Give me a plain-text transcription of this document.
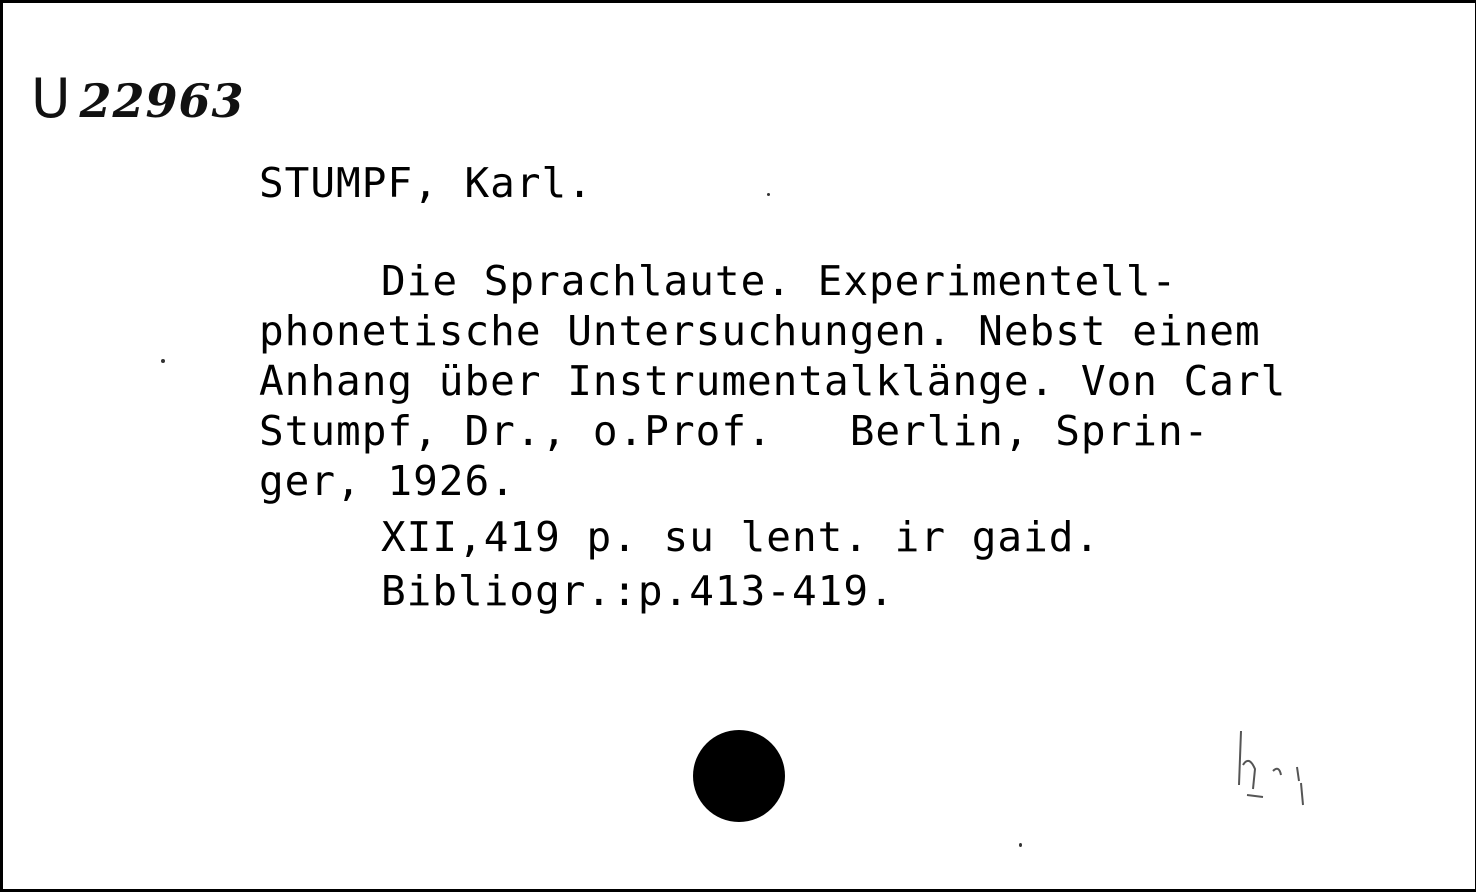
U 22963
STUMPF, Karl.

Die Sprachlaute. Experimentell-

phonetische Untersuchungen. Nebst einem

Anhang über Instrumentalklänge. Von Carl

Stumpf, Dr., o.Prof.   Berlin, Sprin-

ger, 1926.

XII,419 p. su lent. ir gaid.
Bibliogr.:p.413-419.
